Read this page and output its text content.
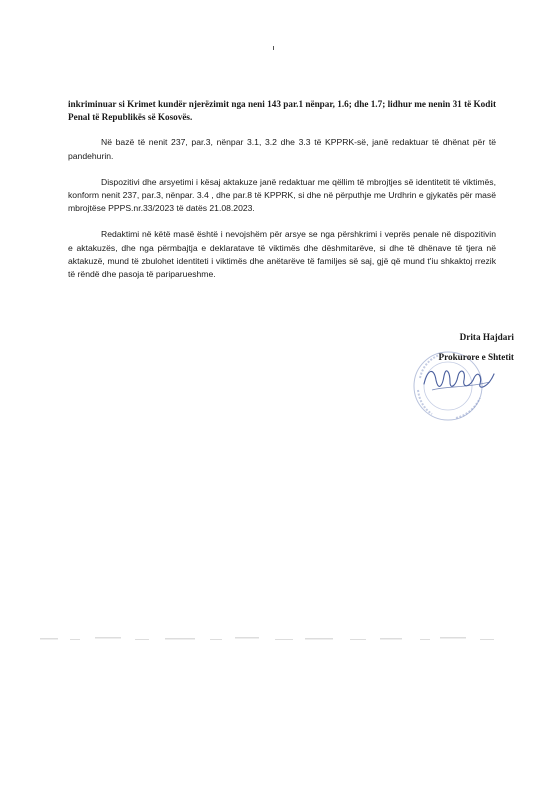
inkriminuar si Krimet kundër njerëzimit nga neni 143 par.1 nënpar, 1.6; dhe 1.7; lidhur me nenin 31 të Kodit Penal të Republikës së Kosovës.

Në bazë të nenit 237, par.3, nënpar 3.1, 3.2 dhe 3.3 të KPPRK-së, janë redaktuar të dhënat për të pandehurin.

Dispozitivi dhe arsyetimi i kësaj aktakuze janë redaktuar me qëllim të mbrojtjes së identitetit të viktimës, konform nenit 237, par.3, nënpar. 3.4 , dhe par.8 të KPPRK, si dhe në përputhje me Urdhrin e gjykatës për masë mbrojtëse PPPS.nr.33/2023 të datës 21.08.2023.

Redaktimi në këtë masë është i nevojshëm për arsye se nga përshkrimi i veprës penale në dispozitivin e aktakuzës, dhe nga përmbajtja e deklaratave të viktimës dhe dëshmitarëve, si dhe të dhënave të tjera në aktakuzë, mund të zbulohet identiteti i viktimës dhe anëtarëve të familjes së saj, gjë që mund t'iu shkaktoj rrezik të rëndë dhe pasoja të pariparueshme.

Drita Hajdari
Prokurore e Shtetit
